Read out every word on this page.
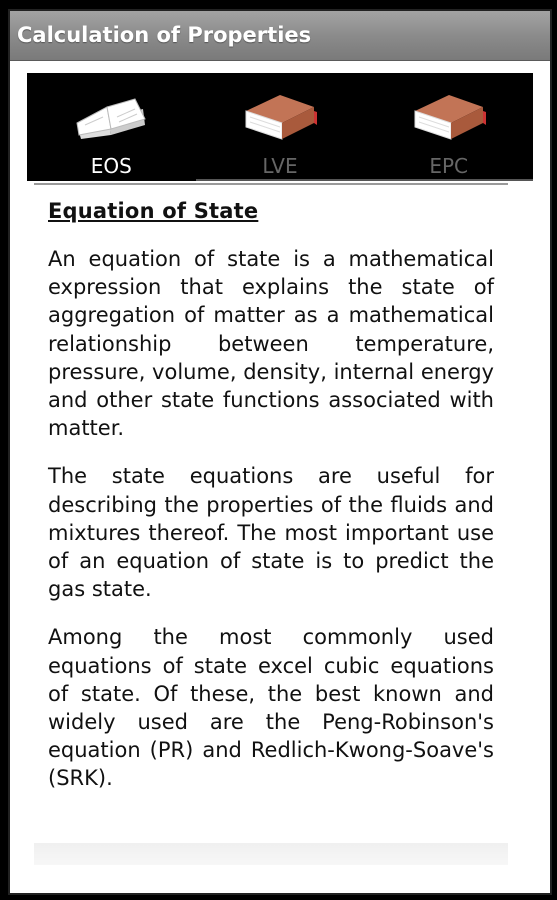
Calculation of Properties
EOS	LVE	EPC
Equation of State

An equation of state is a mathematical expression that explains the state of aggregation of matter as a mathematical relationship between temperature, pressure, volume, density, internal energy and other state functions associated with matter.

The state equations are useful for describing the properties of the fluids and mixtures thereof. The most important use of an equation of state is to predict the gas state.

Among the most commonly used equations of state excel cubic equations of state. Of these, the best known and widely used are the Peng-Robinson's equation (PR) and Redlich-Kwong-Soave's (SRK).
